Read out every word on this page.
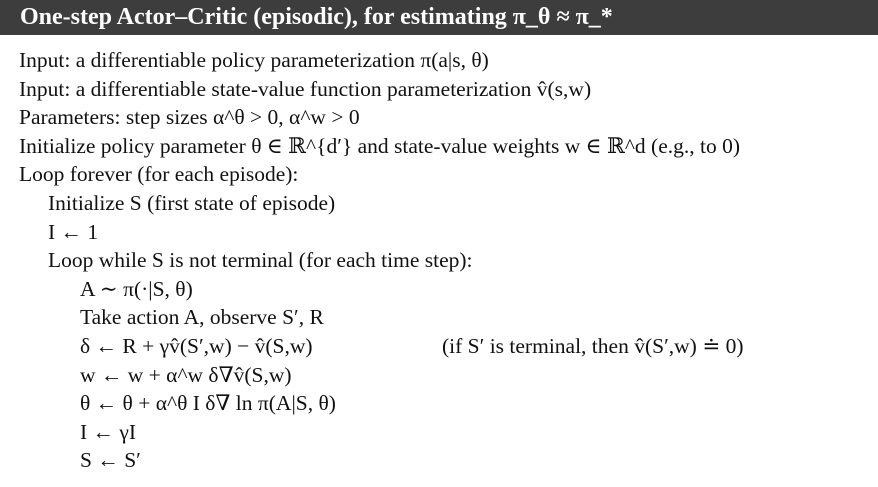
One-step Actor–Critic (episodic), for estimating π_θ ≈ π_*
Input: a differentiable policy parameterization π(a|s, θ)
Input: a differentiable state-value function parameterization v̂(s,w)
Parameters: step sizes α^θ > 0, α^w > 0
Initialize policy parameter θ ∈ ℝ^{d′} and state-value weights w ∈ ℝ^d (e.g., to 0)
Loop forever (for each episode):
Initialize S (first state of episode)
I ← 1
Loop while S is not terminal (for each time step):
A ∼ π(·|S, θ)
Take action A, observe S′, R
δ ← R + γv̂(S′,w) − v̂(S,w)	(if S′ is terminal, then v̂(S′,w) ≐ 0)
w ← w + α^w δ∇v̂(S,w)
θ ← θ + α^θ I δ∇ ln π(A|S, θ)
I ← γI
S ← S′
